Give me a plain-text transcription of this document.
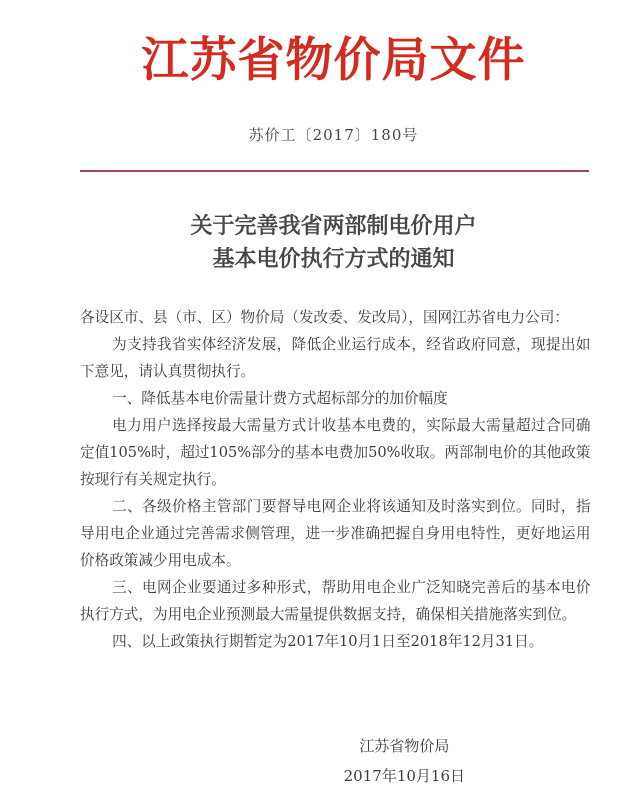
江苏省物价局文件
苏价工〔2017〕180号
关于完善我省两部制电价用户
基本电价执行方式的通知

各设区市、县（市、区）物价局（发改委、发改局），国网江苏省电力公司：

为支持我省实体经济发展，降低企业运行成本，经省政府同意，现提出如下意见，请认真贯彻执行。

一、降低基本电价需量计费方式超标部分的加价幅度

电力用户选择按最大需量方式计收基本电费的，实际最大需量超过合同确定值105%时，超过105%部分的基本电费加50%收取。两部制电价的其他政策按现行有关规定执行。

二、各级价格主管部门要督导电网企业将该通知及时落实到位。同时，指导用电企业通过完善需求侧管理，进一步准确把握自身用电特性，更好地运用价格政策减少用电成本。

三、电网企业要通过多种形式，帮助用电企业广泛知晓完善后的基本电价执行方式，为用电企业预测最大需量提供数据支持，确保相关措施落实到位。

四、以上政策执行期暂定为2017年10月1日至2018年12月31日。

江苏省物价局
2017年10月16日
